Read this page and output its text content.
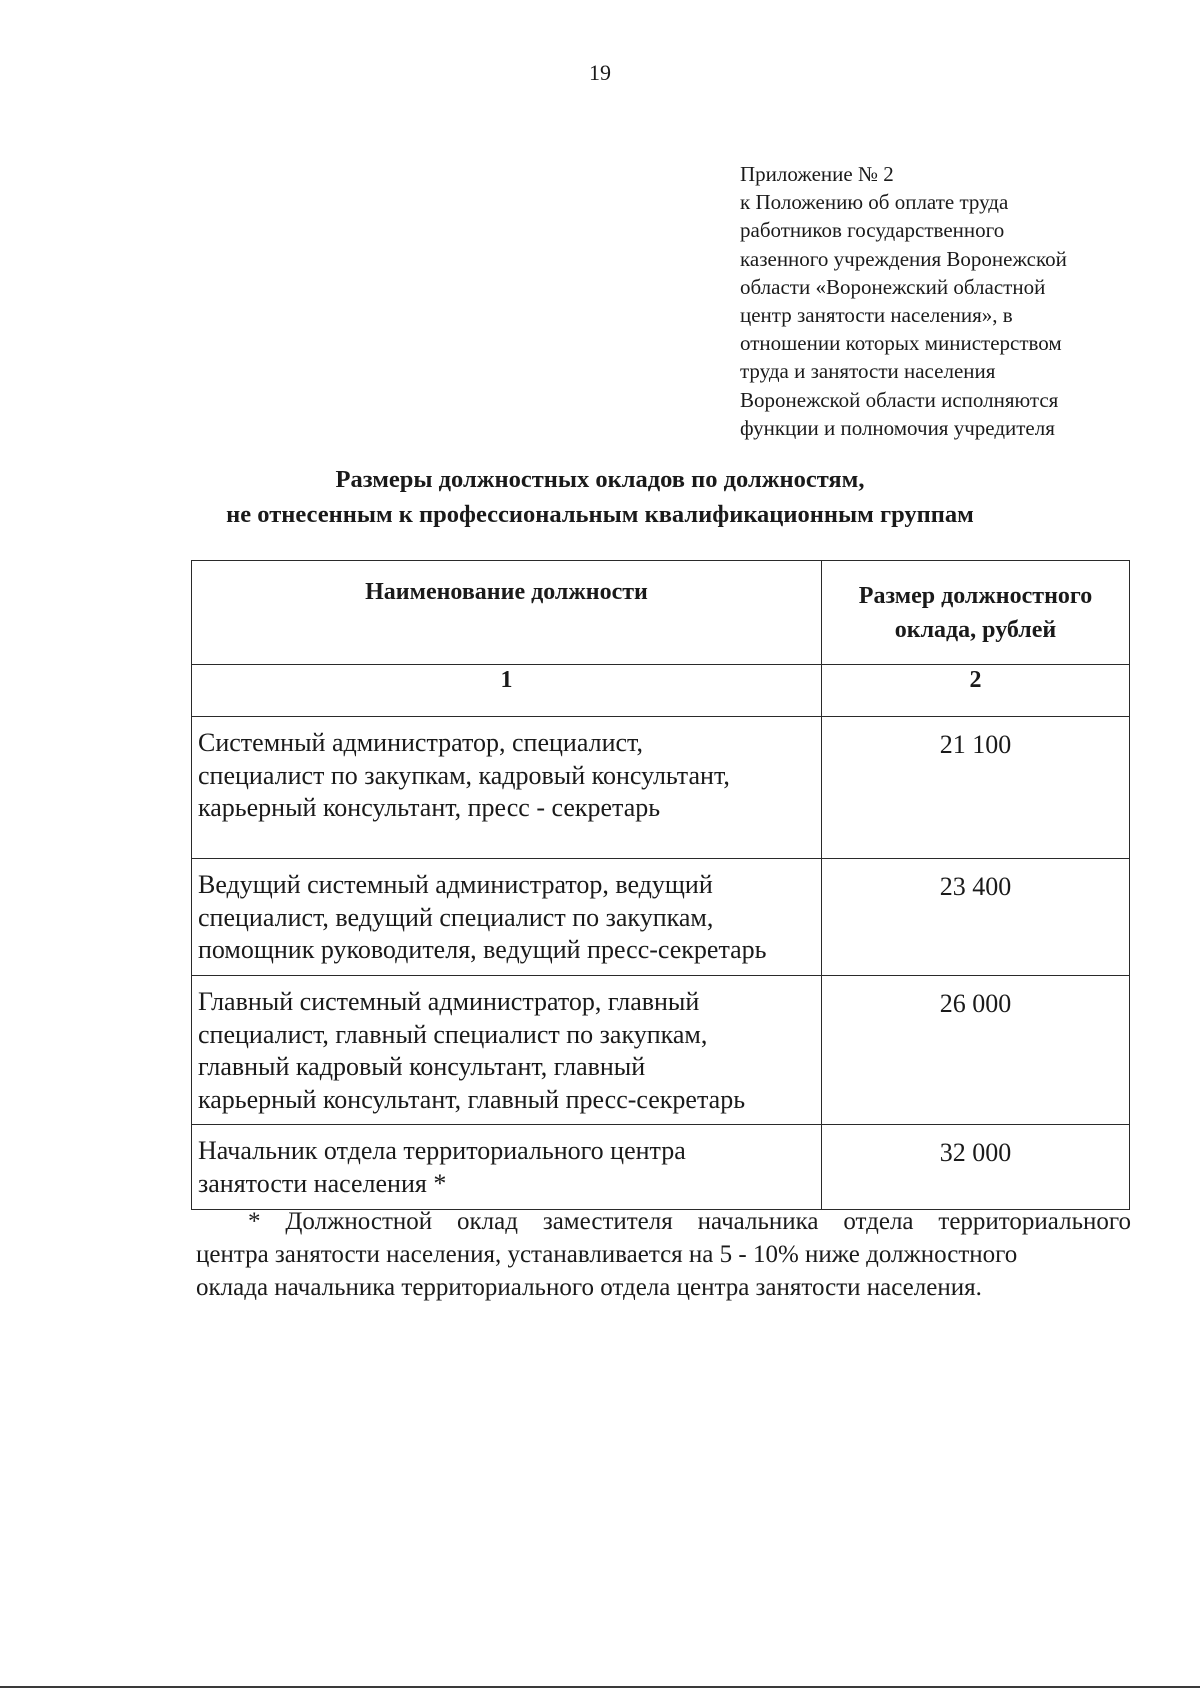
19
Приложение № 2
к Положению об оплате труда
работников государственного
казенного учреждения Воронежской
области «Воронежский областной
центр занятости населения», в
отношении которых министерством
труда и занятости населения
Воронежской области исполняются
функции и полномочия учредителя
Размеры должностных окладов по должностям,
не отнесенным к профессиональным квалификационным группам
Наименование должности	Размер должностного
оклада, рублей

1	2

Системный администратор, специалист,
специалист по закупкам, кадровый консультант,
карьерный консультант, пресс - секретарь	21 100

Ведущий системный администратор, ведущий
специалист, ведущий специалист по закупкам,
помощник руководителя, ведущий пресс-секретарь	23 400

Главный системный администратор, главный
специалист, главный специалист по закупкам,
главный кадровый консультант, главный
карьерный консультант, главный пресс-секретарь	26 000

Начальник отдела территориального центра
занятости населения *	32 000
* Должностной оклад заместителя начальника отдела территориального
центра занятости населения, устанавливается на 5 - 10% ниже должностного
оклада начальника территориального отдела центра занятости населения.
